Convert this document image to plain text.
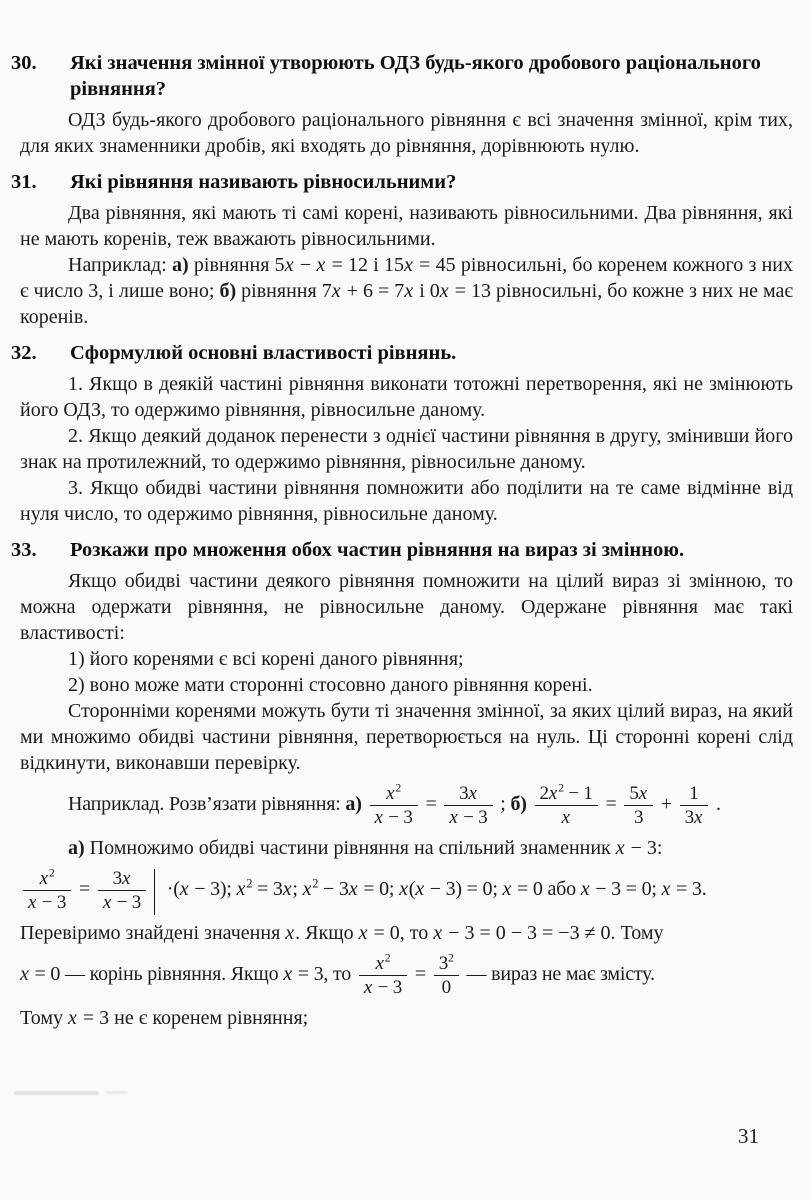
30.	Які значення змінної утворюють ОДЗ будь-якого дробового раціонального рівняння?

ОДЗ будь-якого дробового раціонального рівняння є всі значення змінної, крім тих, для яких знаменники дробів, які входять до рівняння, дорівнюють нулю.

31.	Які рівняння називають рівносильними?

Два рівняння, які мають ті самі корені, називають рівносильними. Два рівняння, які не мають коренів, теж вважають рівносильними.

Наприклад: а) рівняння 5x − x = 12 і 15x = 45 рівносильні, бо коренем кожного з них є число 3, і лише воно; б) рівняння 7x + 6 = 7x і 0x = 13 рівносильні, бо кожне з них не має коренів.

32.	Сформулюй основні властивості рівнянь.

1. Якщо в деякій частині рівняння виконати тотожні перетворення, які не змінюють його ОДЗ, то одержимо рівняння, рівносильне даному.

2. Якщо деякий доданок перенести з однієї частини рівняння в другу, змінивши його знак на протилежний, то одержимо рівняння, рівносильне даному.

3. Якщо обидві частини рівняння помножити або поділити на те саме відмінне від нуля число, то одержимо рівняння, рівносильне даному.

33.	Розкажи про множення обох частин рівняння на вираз зі змінною.

Якщо обидві частини деякого рівняння помножити на цілий вираз зі змінною, то можна одержати рівняння, не рівносильне даному. Одержане рівняння має такі властивості:

1) його коренями є всі корені даного рівняння;

2) воно може мати сторонні стосовно даного рівняння корені.

Сторонніми коренями можуть бути ті значення змінної, за яких цілий вираз, на який ми множимо обидві частини рівняння, перетворюється на нуль. Ці сторонні корені слід відкинути, виконавши перевірку.

Наприклад. Розв’язати рівняння: $а) \frac{x^2}{x - 3} = \frac{3x}{x - 3}$ ; $б) \frac{2x^2 - 1}{x} = \frac{5x}{3} + \frac{1}{3x}$ .

а) Помножимо обидві частини рівняння на спільний знаменник x − 3:

$\frac{x^2}{x - 3} = \frac{3x}{x - 3} \cdot(x - 3)$; $x^2 = 3x$; $x^2 - 3x = 0$; x(x − 3) = 0; x = 0 або x − 3 = 0; x = 3.

Перевіримо знайдені значення x. Якщо x = 0, то x − 3 = 0 − 3 = −3 ≠ 0. Тому

x = 0 — корінь рівняння. Якщо x = 3, то $\frac{x^2}{x - 3} = \frac{3^2}{0}$ — вираз не має змісту.

Тому x = 3 не є коренем рівняння;

31
